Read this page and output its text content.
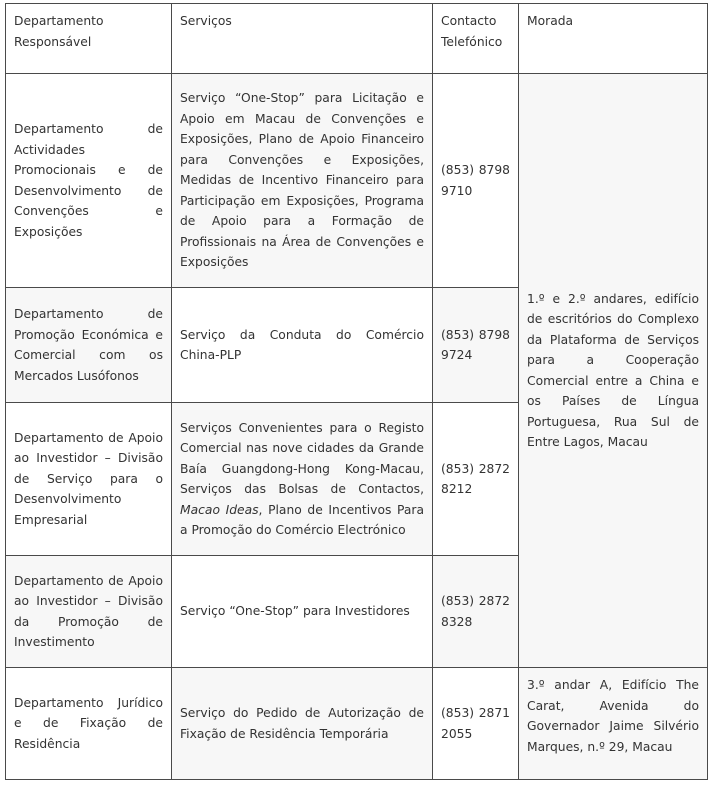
Departamento Responsável	Serviços	Contacto Telefónico	Morada
Departamento de Actividades Promocionais e de Desenvolvimento de Convenções e Exposições	Serviço “One-Stop” para Licitação e Apoio em Macau de Convenções e Exposições, Plano de Apoio Financeiro para Convenções e Exposições, Medidas de Incentivo Financeiro para Participação em Exposições, Programa de Apoio para a Formação de Profissionais na Área de Convenções e Exposições	(853) 8798 9710	1.º e 2.º andares, edifício de escritórios do Complexo da Plataforma de Serviços para a Cooperação Comercial entre a China e os Países de Língua Portuguesa, Rua Sul de Entre Lagos, Macau
Departamento de Promoção Económica e Comercial com os Mercados Lusófonos	Serviço da Conduta do Comércio China-PLP	(853) 8798 9724	
Departamento de Apoio ao Investidor – Divisão de Serviço para o Desenvolvimento Empresarial	Serviços Convenientes para o Registo Comercial nas nove cidades da Grande Baía Guangdong-Hong Kong-Macau, Serviços das Bolsas de Contactos, Macao Ideas, Plano de Incentivos Para a Promoção do Comércio Electrónico	(853) 2872 8212	
Departamento de Apoio ao Investidor – Divisão da Promoção de Investimento	Serviço “One-Stop” para Investidores	(853) 2872 8328	
Departamento Jurídico e de Fixação de Residência	Serviço do Pedido de Autorização de Fixação de Residência Temporária	(853) 2871 2055	3.º andar A, Edifício The Carat, Avenida do Governador Jaime Silvério Marques, n.º 29, Macau
